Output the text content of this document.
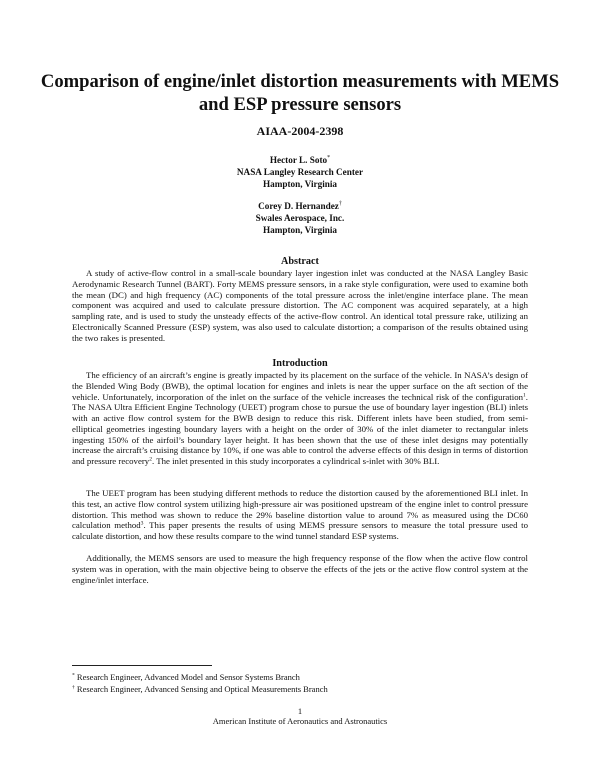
Comparison of engine/inlet distortion measurements with MEMS and ESP pressure sensors
AIAA-2004-2398
Hector L. Soto*
NASA Langley Research Center
Hampton, Virginia
Corey D. Hernandez†
Swales Aerospace, Inc.
Hampton, Virginia
Abstract

A study of active-flow control in a small-scale boundary layer ingestion inlet was conducted at the NASA Langley Basic Aerodynamic Research Tunnel (BART). Forty MEMS pressure sensors, in a rake style configuration, were used to examine both the mean (DC) and high frequency (AC) components of the total pressure across the inlet/engine interface plane. The mean component was acquired and used to calculate pressure distortion. The AC component was acquired separately, at a high sampling rate, and is used to study the unsteady effects of the active-flow control. An identical total pressure rake, utilizing an Electronically Scanned Pressure (ESP) system, was also used to calculate distortion; a comparison of the results obtained using the two rakes is presented.

Introduction

The efficiency of an aircraft’s engine is greatly impacted by its placement on the surface of the vehicle. In NASA’s design of the Blended Wing Body (BWB), the optimal location for engines and inlets is near the upper surface on the aft section of the vehicle. Unfortunately, incorporation of the inlet on the surface of the vehicle increases the technical risk of the configuration$^1$. The NASA Ultra Efficient Engine Technology (UEET) program chose to pursue the use of boundary layer ingestion (BLI) inlets with an active flow control system for the BWB design to reduce this risk. Different inlets have been studied, from semi-elliptical geometries ingesting boundary layers with a height on the order of 30% of the inlet diameter to rectangular inlets ingesting 150% of the airfoil’s boundary layer height. It has been shown that the use of these inlet designs may potentially increase the aircraft’s cruising distance by 10%, if one was able to control the adverse effects of this design in terms of distortion and pressure recovery$^2$. The inlet presented in this study incorporates a cylindrical s-inlet with 30% BLI.

The UEET program has been studying different methods to reduce the distortion caused by the aforementioned BLI inlet. In this test, an active flow control system utilizing high-pressure air was positioned upstream of the engine inlet to control pressure distortion. This method was shown to reduce the 29% baseline distortion value to around 7% as measured using the DC60 calculation method$^3$. This paper presents the results of using MEMS pressure sensors to measure the total pressure used to calculate distortion, and how these results compare to the wind tunnel standard ESP systems.

Additionally, the MEMS sensors are used to measure the high frequency response of the flow when the active flow control system was in operation, with the main objective being to observe the effects of the jets or the active flow control system at the engine/inlet interface.

* Research Engineer, Advanced Model and Sensor Systems Branch
† Research Engineer, Advanced Sensing and Optical Measurements Branch
1
American Institute of Aeronautics and Astronautics
